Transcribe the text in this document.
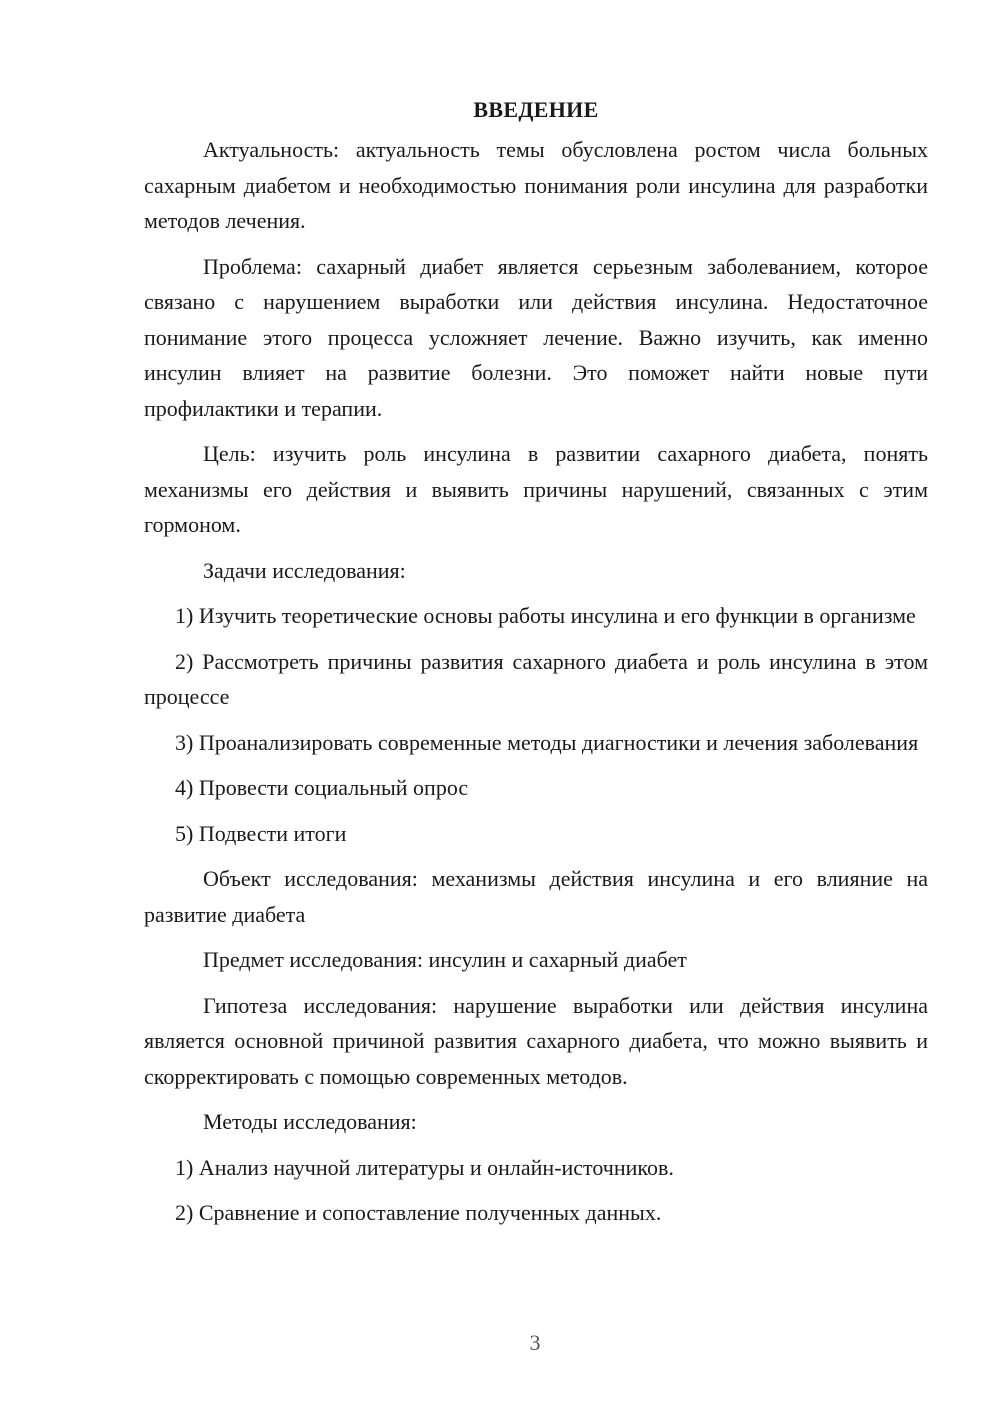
ВВЕДЕНИЕ

Актуальность: актуальность темы обусловлена ростом числа больных сахарным диабетом и необходимостью понимания роли инсулина для разработки методов лечения.

Проблема: сахарный диабет является серьезным заболеванием, которое связано с нарушением выработки или действия инсулина. Недостаточное понимание этого процесса усложняет лечение. Важно изучить, как именно инсулин влияет на развитие болезни. Это поможет найти новые пути профилактики и терапии.

Цель: изучить роль инсулина в развитии сахарного диабета, понять механизмы его действия и выявить причины нарушений, связанных с этим гормоном.

Задачи исследования:

1) Изучить теоретические основы работы инсулина и его функции в организме

2) Рассмотреть причины развития сахарного диабета и роль инсулина в этом процессе

3) Проанализировать современные методы диагностики и лечения заболевания

4) Провести социальный опрос

5) Подвести итоги

Объект исследования: механизмы действия инсулина и его влияние на развитие диабета

Предмет исследования: инсулин и сахарный диабет

Гипотеза исследования: нарушение выработки или действия инсулина является основной причиной развития сахарного диабета, что можно выявить и скорректировать с помощью современных методов.

Методы исследования:

1) Анализ научной литературы и онлайн-источников.

2) Сравнение и сопоставление полученных данных.

3
